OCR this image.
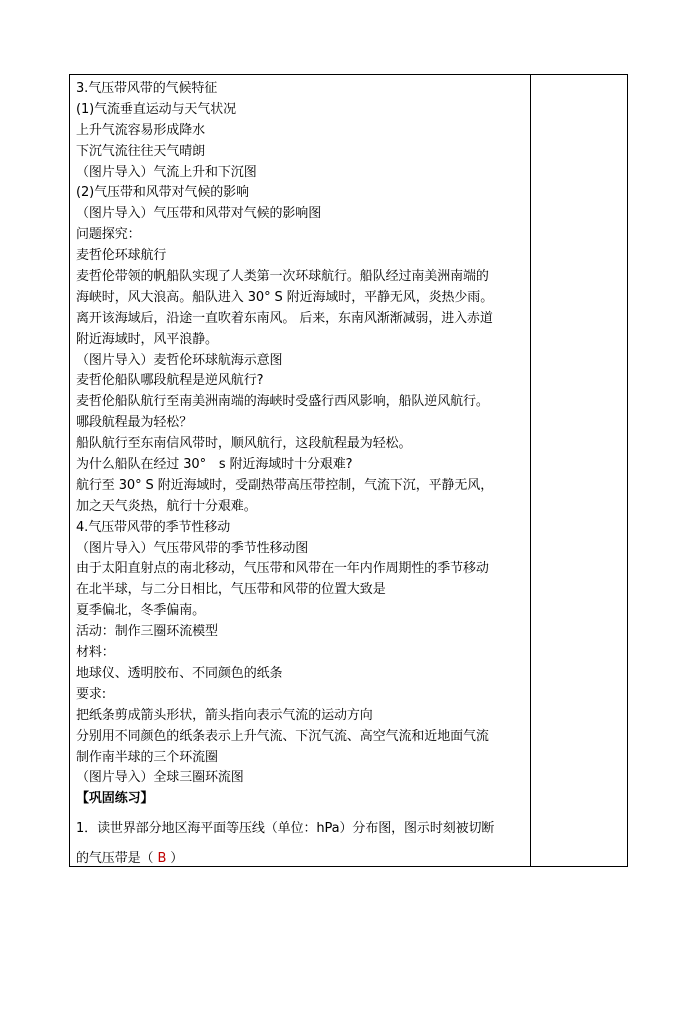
3.气压带风带的气候特征
(1)气流垂直运动与天气状况
上升气流容易形成降水
下沉气流往往天气晴朗
（图片导入）气流上升和下沉图
(2)气压带和风带对气候的影响
（图片导入）气压带和风带对气候的影响图
问题探究：
麦哲伦环球航行
麦哲伦带领的帆船队实现了人类第一次环球航行。船队经过南美洲南端的
海峡时，风大浪高。船队进入 30° S 附近海域时，平静无风，炎热少雨。
离开该海域后，沿途一直吹着东南风。 后来，东南风渐渐减弱，进入赤道
附近海域时，风平浪静。
（图片导入）麦哲伦环球航海示意图
麦哲伦船队哪段航程是逆风航行?
麦哲伦船队航行至南美洲南端的海峡时受盛行西风影响，船队逆风航行。
哪段航程最为轻松？
船队航行至东南信风带时，顺风航行，这段航程最为轻松。
为什么船队在经过 30°　s 附近海域时十分艰难?
航行至 30° S 附近海域时，受副热带高压带控制，气流下沉，平静无风，
加之天气炎热，航行十分艰难。
4.气压带风带的季节性移动
（图片导入）气压带风带的季节性移动图
由于太阳直射点的南北移动，气压带和风带在一年内作周期性的季节移动
在北半球，与二分日相比，气压带和风带的位置大致是
夏季偏北，冬季偏南。
活动：制作三圈环流模型
材料：
地球仪、透明胶布、不同颜色的纸条
要求:
把纸条剪成箭头形状，箭头指向表示气流的运动方向
分别用不同颜色的纸条表示上升气流、下沉气流、高空气流和近地面气流
制作南半球的三个环流圈
（图片导入）全球三圈环流图
【巩固练习】
1．读世界部分地区海平面等压线（单位：hPa）分布图，图示时刻被切断
的气压带是（ B ）
